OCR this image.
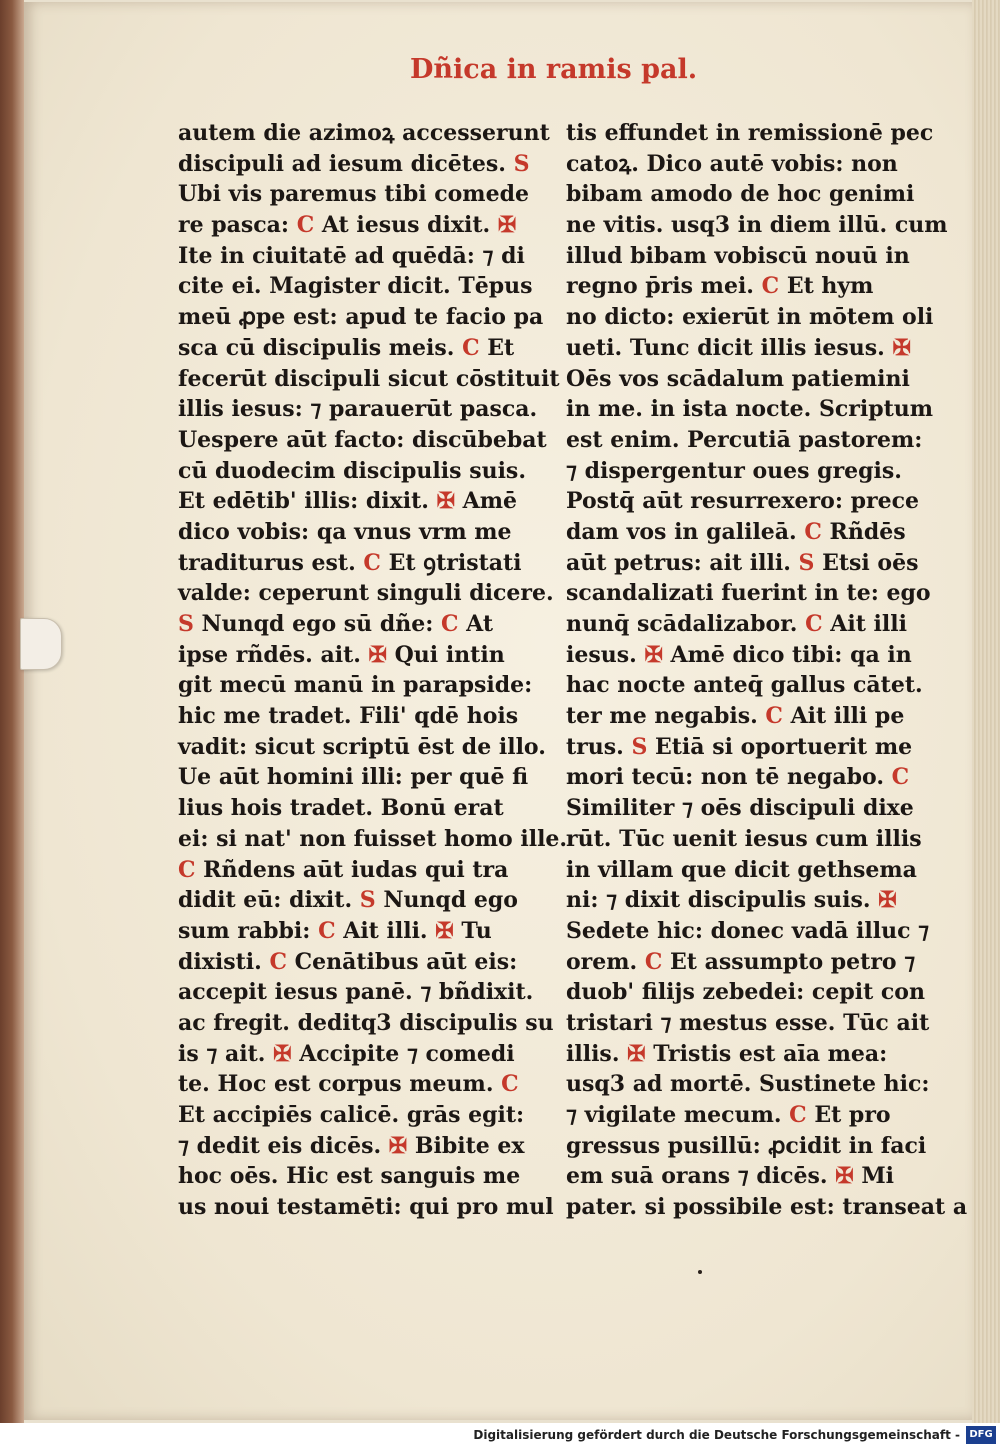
Dñica in ramis pal.
autem die azimoꝝ accesserunt
discipuli ad iesum dicētes. S
Ubi vis paremus tibi comede
re pasca: C At iesus dixit. ✠
Ite in ciuitatē ad quēdā: ⁊ di
cite ei. Magister dicit. Tēpus
meū ꝓpe est: apud te facio pa
sca cū discipulis meis. C Et
fecerūt discipuli sicut cōstituit
illis iesus: ⁊ parauerūt pasca.
Uespere aūt facto: discūbebat
cū duodecim discipulis suis.
Et edētib' illis: dixit. ✠ Amē
dico vobis: qa vnus vrm me
traditurus est. C Et ꝯtristati
valde: ceperunt singuli dicere.
S Nunqd ego sū dñe: C At
ipse rñdēs. ait. ✠ Qui intin
git mecū manū in parapside:
hic me tradet. Fili' qdē hois
vadit: sicut scriptū ēst de illo.
Ue aūt homini illi: per quē fi
lius hois tradet. Bonū erat
ei: si nat' non fuisset homo ille.
C Rñdens aūt iudas qui tra
didit eū: dixit. S Nunqd ego
sum rabbi: C Ait illi. ✠ Tu
dixisti. C Cenātibus aūt eis:
accepit iesus panē. ⁊ bñdixit.
ac fregit. deditq3 discipulis su
is ⁊ ait. ✠ Accipite ⁊ comedi
te. Hoc est corpus meum. C
Et accipiēs calicē. grās egit:
⁊ dedit eis dicēs. ✠ Bibite ex
hoc oēs. Hic est sanguis me
us noui testamēti: qui pro mul
tis effundet in remissionē pec
catoꝝ. Dico autē vobis: non
bibam amodo de hoc genimi
ne vitis. usq3 in diem illū. cum
illud bibam vobiscū nouū in
regno p̄ris mei. C Et hym
no dicto: exierūt in mōtem oli
ueti. Tunc dicit illis iesus. ✠
Oēs vos scādalum patiemini
in me. in ista nocte. Scriptum
est enim. Percutiā pastorem:
⁊ dispergentur oues gregis.
Postq̄ aūt resurrexero: prece
dam vos in galileā. C Rñdēs
aūt petrus: ait illi. S Etsi oēs
scandalizati fuerint in te: ego
nunq̄ scādalizabor. C Ait illi
iesus. ✠ Amē dico tibi: qa in
hac nocte anteq̄ gallus cātet.
ter me negabis. C Ait illi pe
trus. S Etiā si oportuerit me
mori tecū: non tē negabo. C
Similiter ⁊ oēs discipuli dixe
rūt. Tūc uenit iesus cum illis
in villam que dicit gethsema
ni: ⁊ dixit discipulis suis. ✠
Sedete hic: donec vadā illuc ⁊
orem. C Et assumpto petro ⁊
duob' filijs zebedei: cepit con
tristari ⁊ mestus esse. Tūc ait
illis. ✠ Tristis est aīa mea:
usq3 ad mortē. Sustinete hic:
⁊ vigilate mecum. C Et pro
gressus pusillū: ꝓcidit in faci
em suā orans ⁊ dicēs. ✠ Mi
pater. si possibile est: transeat a
Digitalisierung gefördert durch die Deutsche Forschungsgemeinschaft - DFG
